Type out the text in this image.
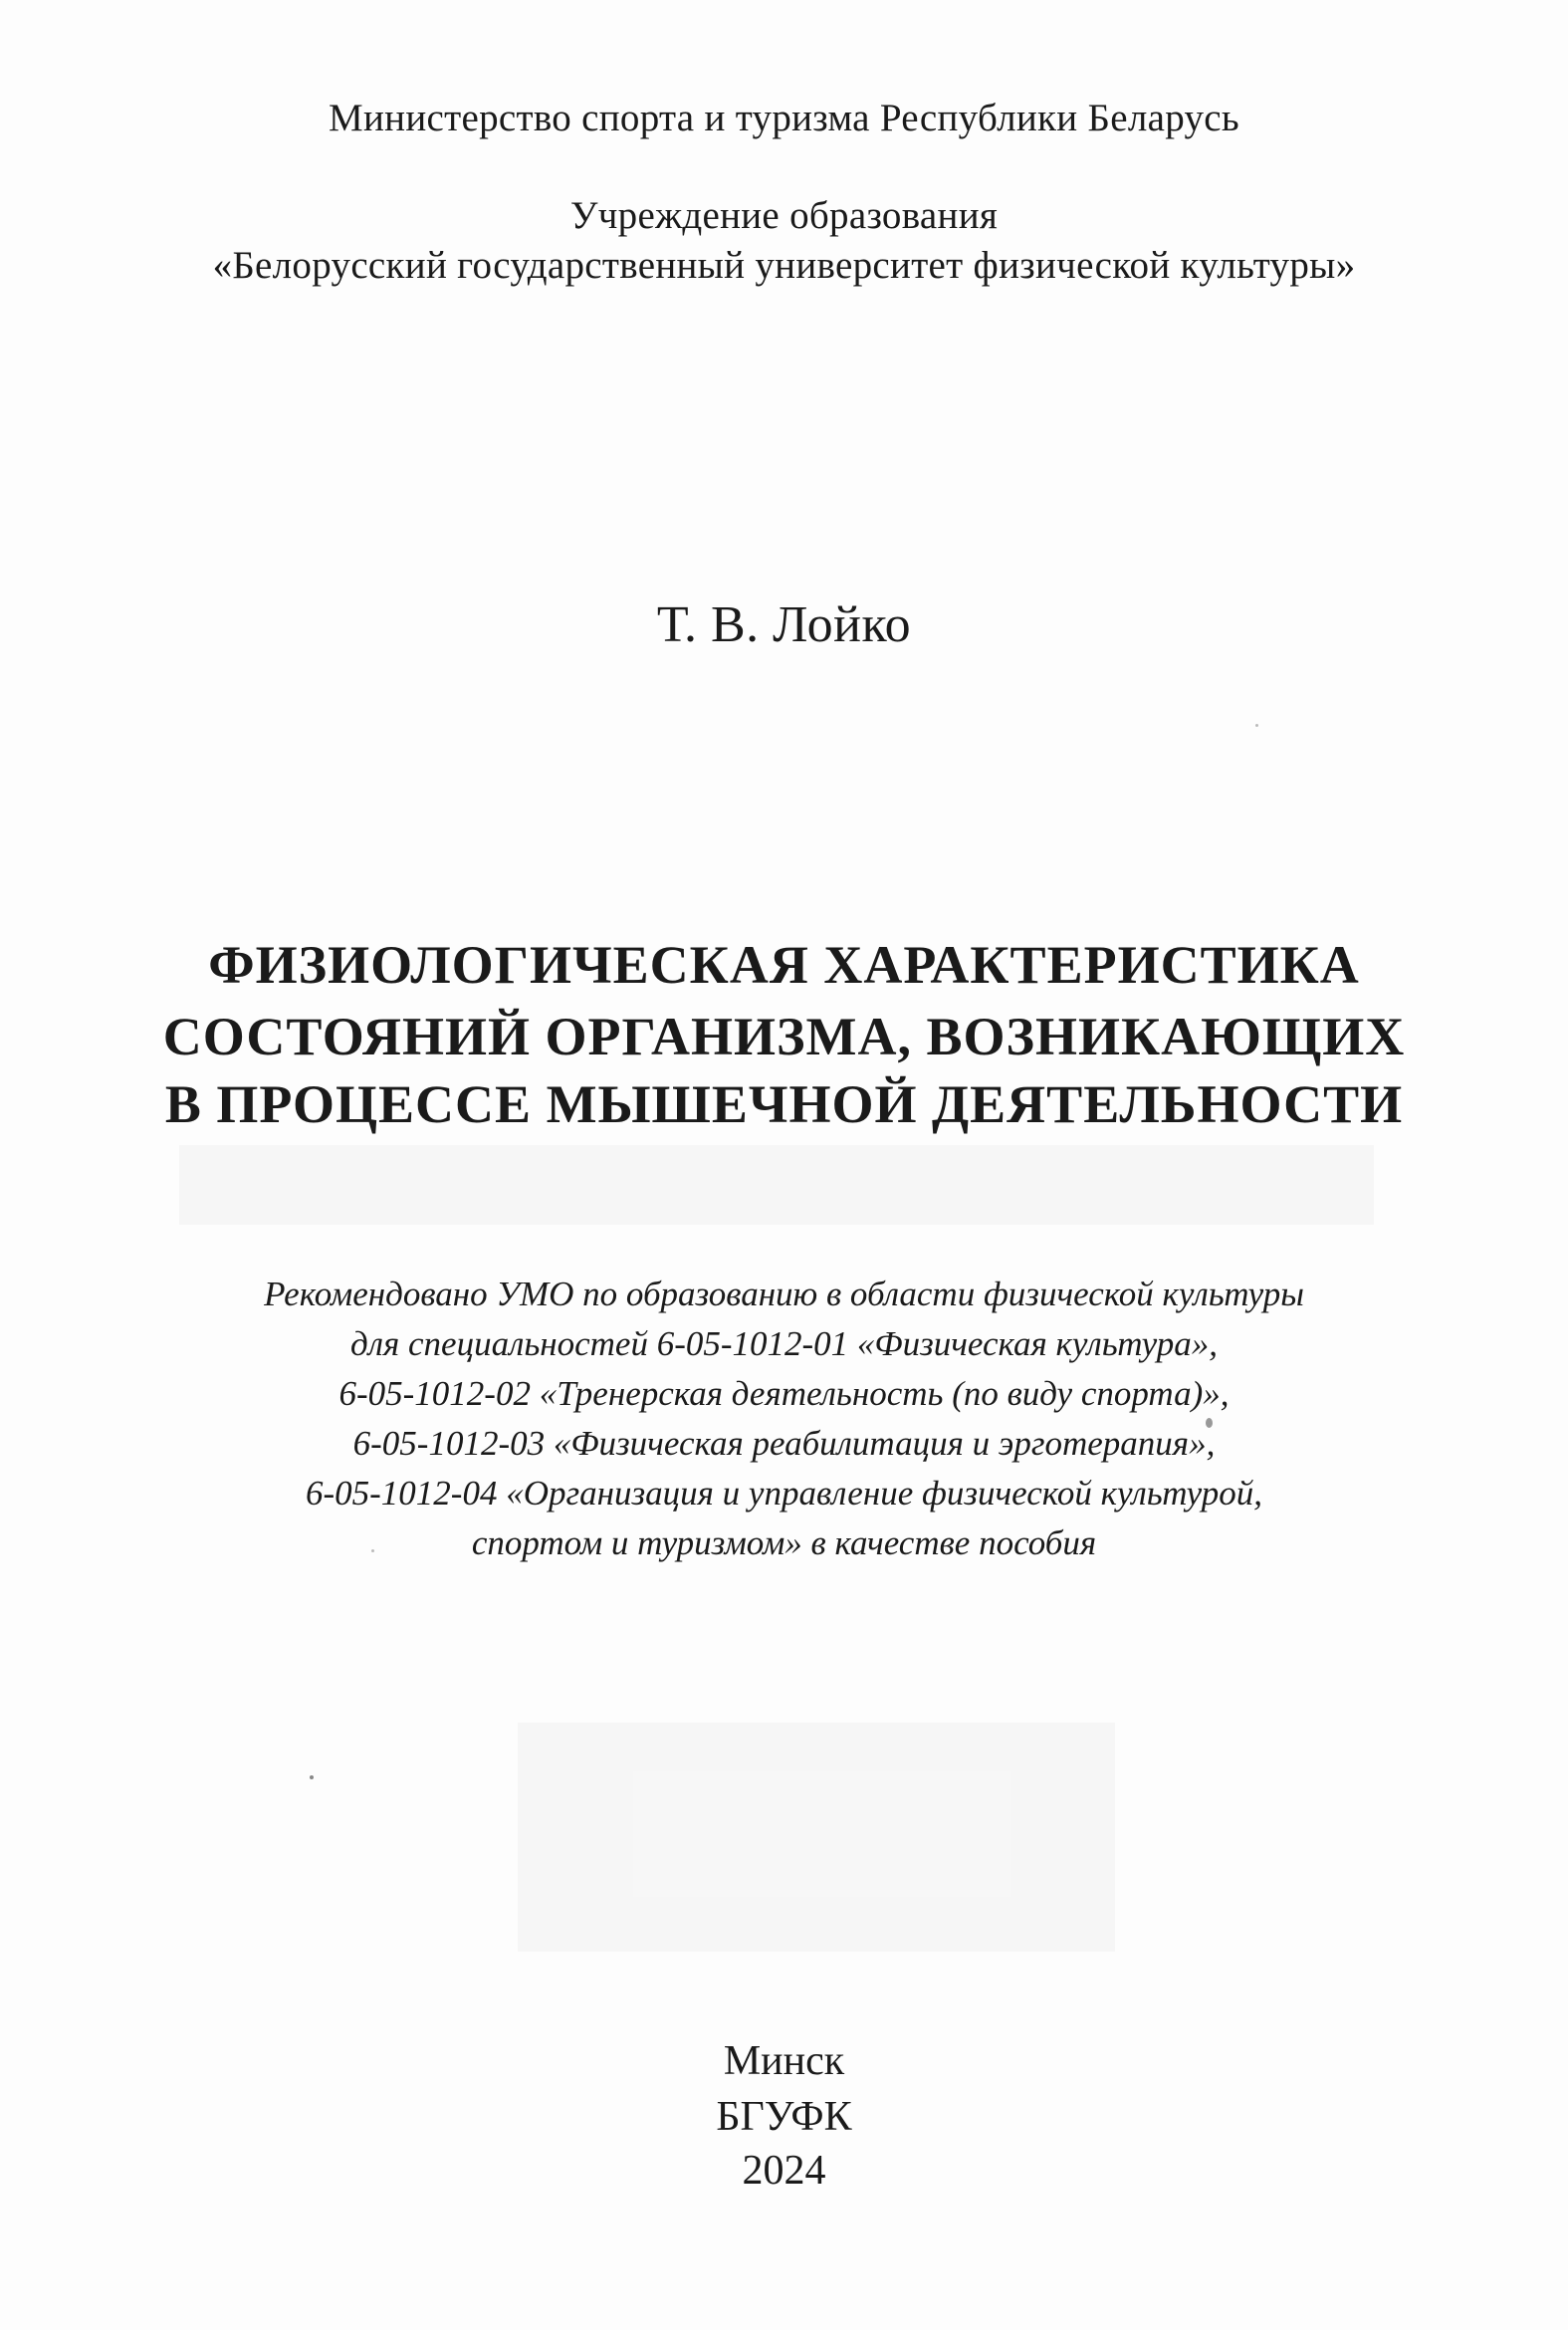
Министерство спорта и туризма Республики Беларусь
Учреждение образования
«Белорусский государственный университет физической культуры»
Т. В. Лойко
ФИЗИОЛОГИЧЕСКАЯ ХАРАКТЕРИСТИКА
СОСТОЯНИЙ ОРГАНИЗМА, ВОЗНИКАЮЩИХ
В ПРОЦЕССЕ МЫШЕЧНОЙ ДЕЯТЕЛЬНОСТИ
Рекомендовано УМО по образованию в области физической культуры
для специальностей 6-05-1012-01 «Физическая культура»,
6-05-1012-02 «Тренерская деятельность (по виду спорта)»,
6-05-1012-03 «Физическая реабилитация и эрготерапия»,
6-05-1012-04 «Организация и управление физической культурой,
спортом и туризмом» в качестве пособия
Минск
БГУФК
2024
